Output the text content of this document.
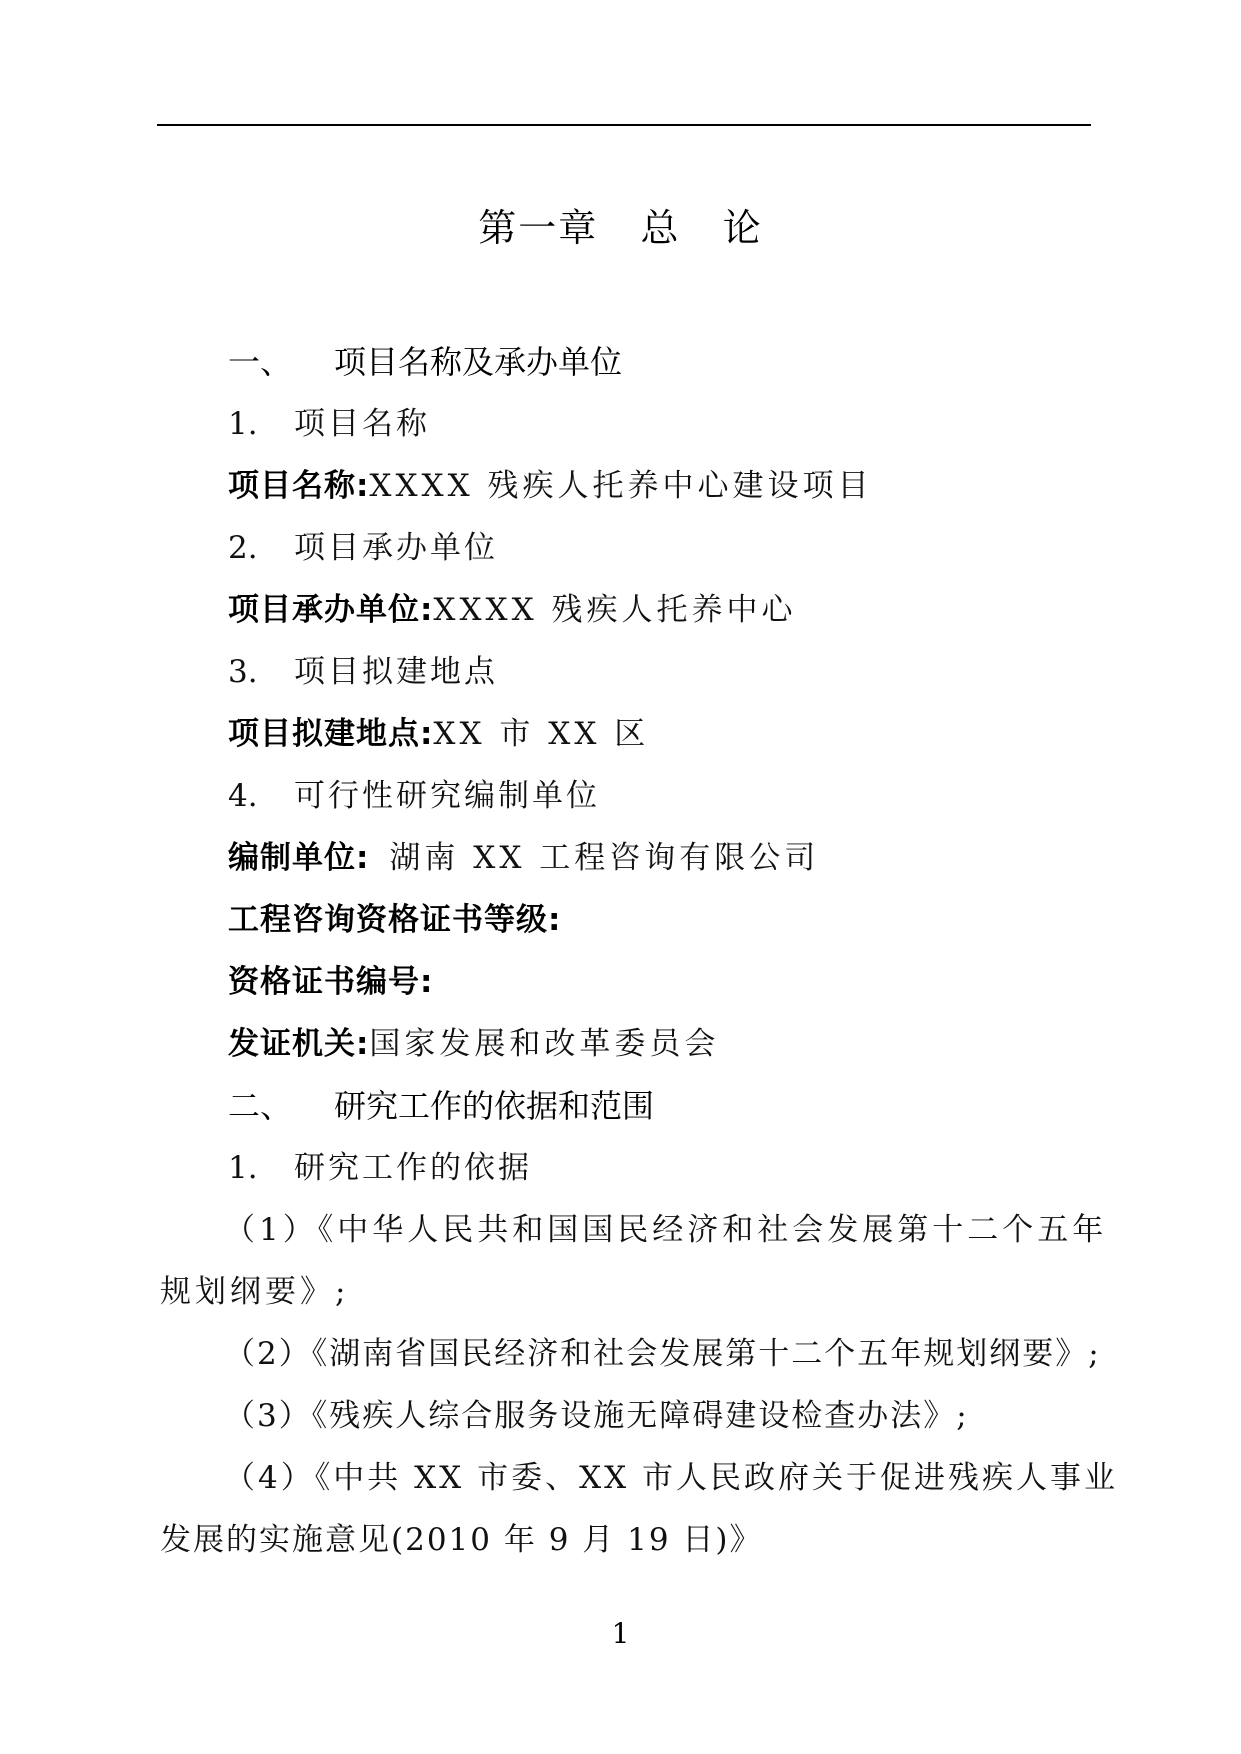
第一章   总   论
一、 项目名称及承办单位
1. 项目名称
项目名称:XXXX 残疾人托养中心建设项目
2. 项目承办单位
项目承办单位:XXXX 残疾人托养中心
3. 项目拟建地点
项目拟建地点:XX 市 XX 区
4. 可行性研究编制单位
编制单位: 湖南 XX 工程咨询有限公司
工程咨询资格证书等级:
资格证书编号:
发证机关:国家发展和改革委员会
二、 研究工作的依据和范围
1. 研究工作的依据
（1）《中华人民共和国国民经济和社会发展第十二个五年
规划纲要》;
（2）《湖南省国民经济和社会发展第十二个五年规划纲要》;
（3）《残疾人综合服务设施无障碍建设检查办法》;
（4）《中共 XX 市委、XX 市人民政府关于促进残疾人事业
发展的实施意见(2010 年 9 月 19 日)》
1
